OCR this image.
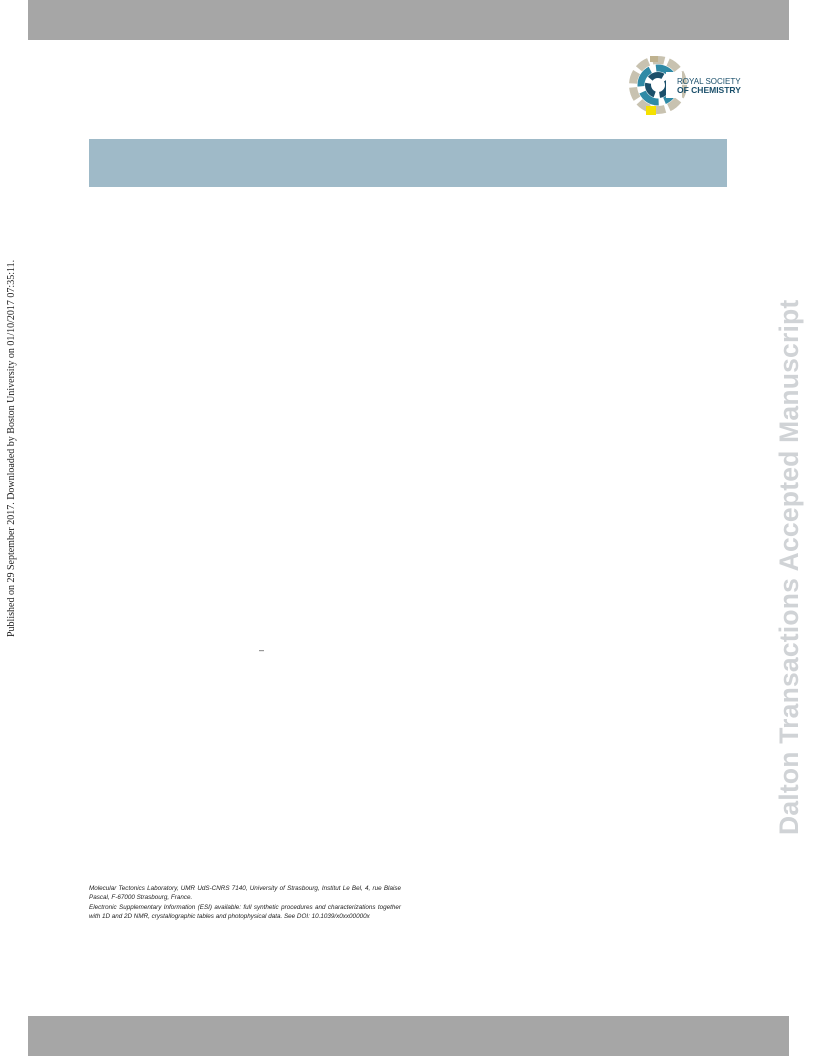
ROYAL SOCIETY
OF CHEMISTRY
Published on 29 September 2017. Downloaded by Boston University on 01/10/2017 07:35:11.	Dalton Transactions Accepted Manuscript
–

Molecular Tectonics Laboratory, UMR UdS-CNRS 7140, University of Strasbourg, Institut Le Bel, 4, rue Blaise Pascal, F-67000 Strasbourg, France.

Electronic Supplementary Information (ESI) available: full synthetic procedures and characterizations together with 1D and 2D NMR, crystallographic tables and photophysical data. See DOI: 10.1039/x0xx00000x
